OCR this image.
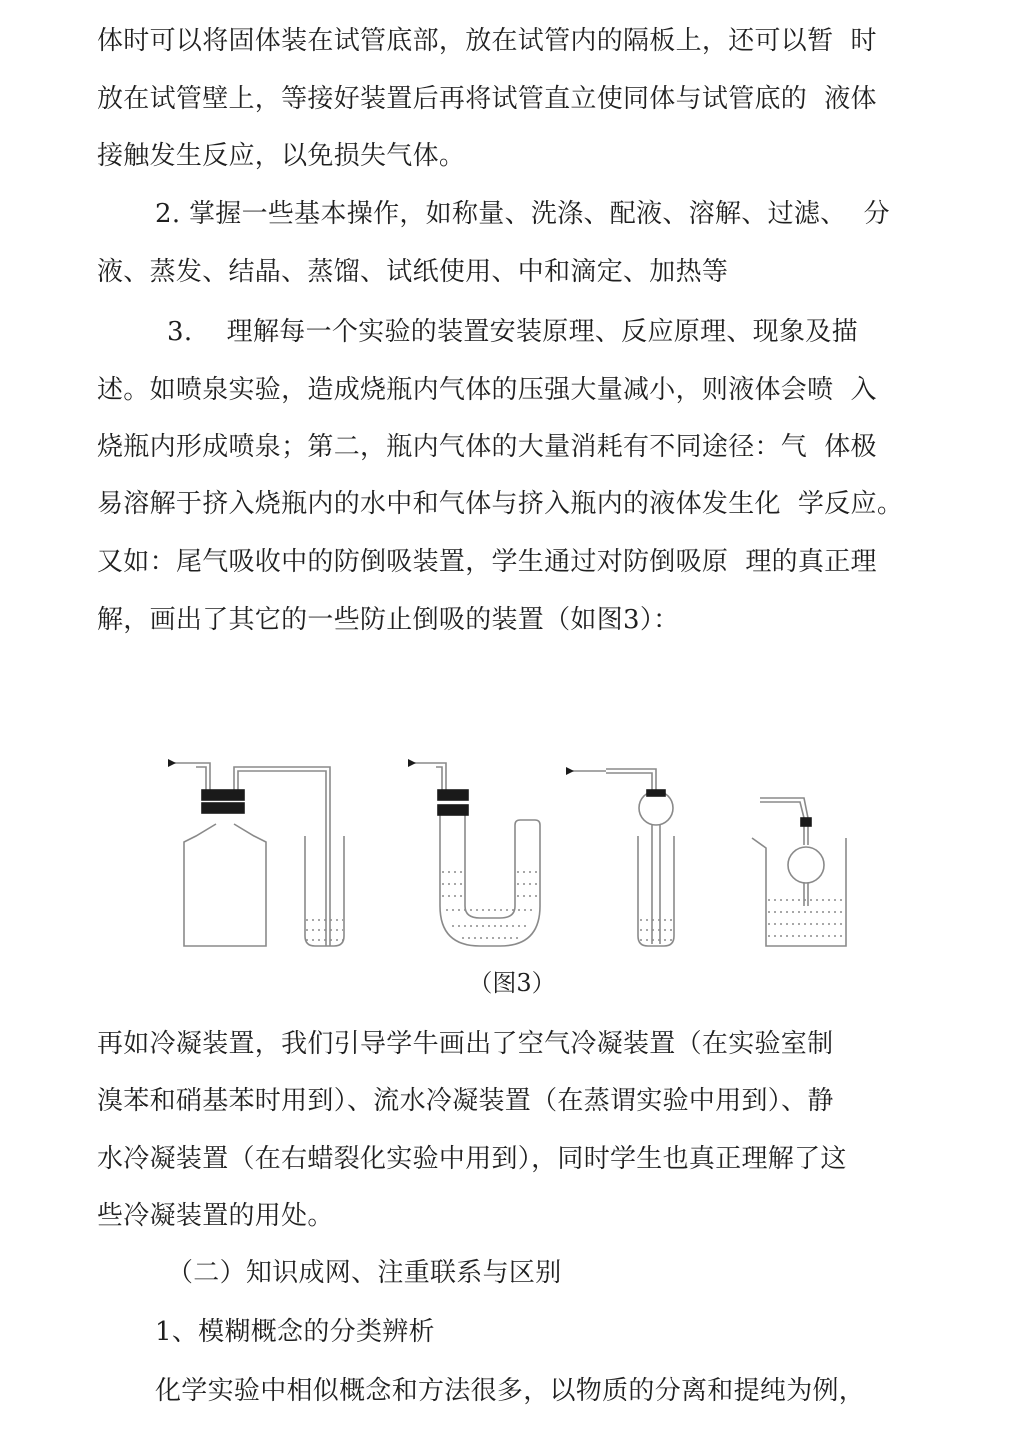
体时可以将固体装在试管底部，放在试管内的隔板上，还可以暂  时
放在试管壁上，等接好装置后再将试管直立使同体与试管底的  液体
接触发生反应，以免损失气体。
2. 掌握一些基本操作，如称量、洗涤、配液、溶解、过滤、  分
液、蒸发、结晶、蒸馏、试纸使用、中和滴定、加热等
3.    理解每一个实验的装置安装原理、反应原理、现象及描
述。如喷泉实验，造成烧瓶内气体的压强大量减小，则液体会喷  入
烧瓶内形成喷泉；第二，瓶内气体的大量消耗有不同途径：气  体极
易溶解于挤入烧瓶内的水中和气体与挤入瓶内的液体发生化  学反应。
又如：尾气吸收中的防倒吸装置，学生通过对防倒吸原  理的真正理
解，画出了其它的一些防止倒吸的装置（如图3）：
（图3）
再如冷凝装置，我们引导学牛画出了空气冷凝装置（在实验室制
溴苯和硝基苯时用到）、流水冷凝装置（在蒸谓实验中用到）、静
水冷凝装置（在右蜡裂化实验中用到），同时学生也真正理解了这
些冷凝装置的用处。
（二）知识成网、注重联系与区别
1、模糊概念的分类辨析
化学实验中相似概念和方法很多，以物质的分离和提纯为例，
